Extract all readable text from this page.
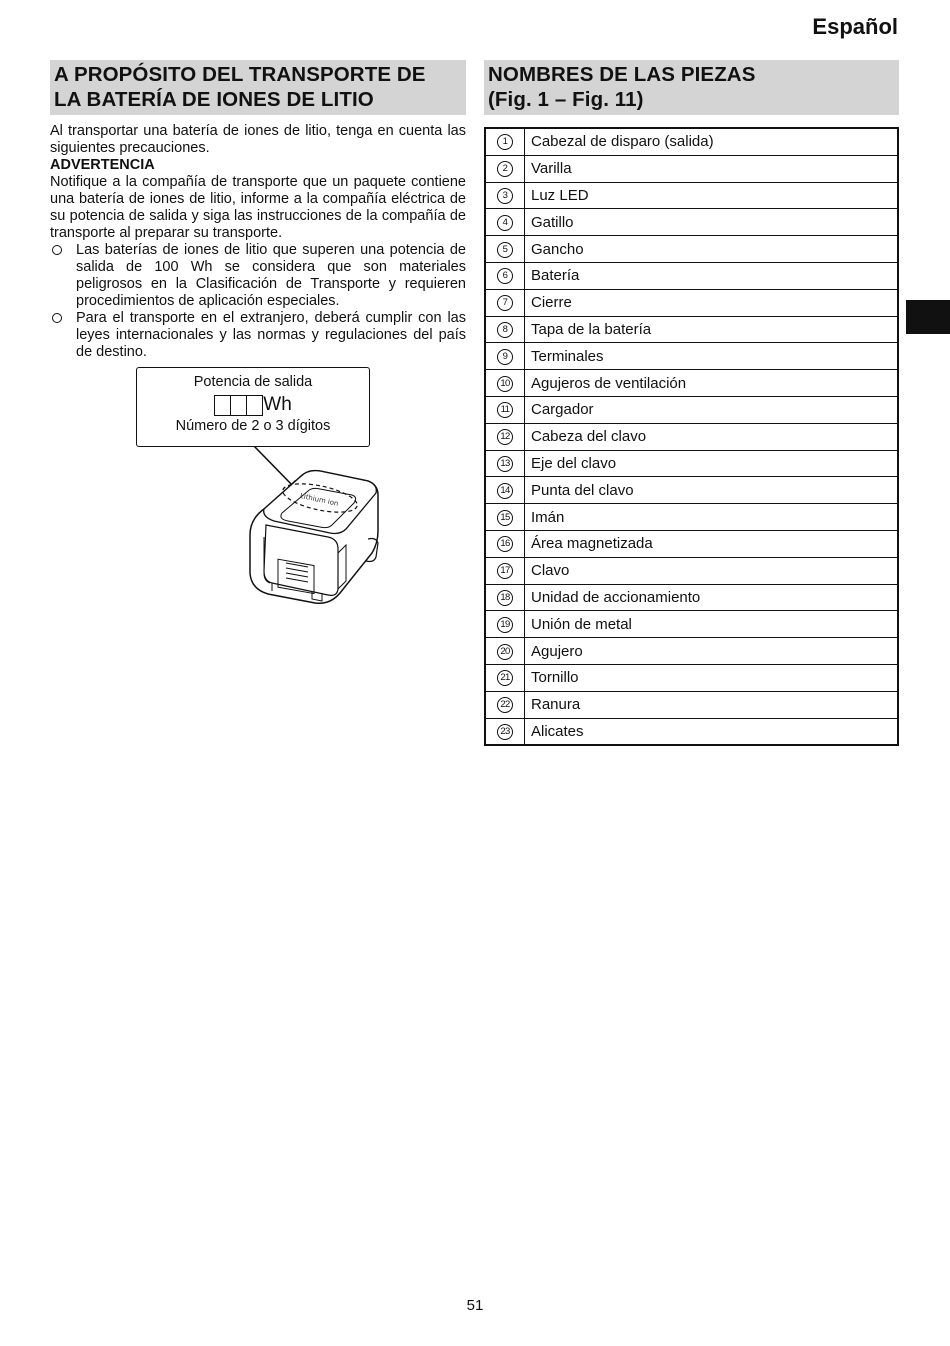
Español
A PROPÓSITO DEL TRANSPORTE DE
LA BATERÍA DE IONES DE LITIO

Al transportar una batería de iones de litio, tenga en cuenta las siguientes precauciones.

ADVERTENCIA

Notifique a la compañía de transporte que un paquete contiene una batería de iones de litio, informe a la compañía eléctrica de su potencia de salida y siga las instrucciones de la compañía de transporte al preparar su transporte.

Las baterías de iones de litio que superen una potencia de salida de 100 Wh se considera que son materiales peligrosos en la Clasificación de Transporte y requieren procedimientos de aplicación especiales.
Para el transporte en el extranjero, deberá cumplir con las leyes internacionales y las normas y regulaciones del país de destino.
Lithium ion
Potencia de salida
Wh
Número de 2 o 3 dígitos
NOMBRES DE LAS PIEZAS
(Fig. 1 – Fig. 11)
1	Cabezal de disparo (salida)
2	Varilla
3	Luz LED
4	Gatillo
5	Gancho
6	Batería
7	Cierre
8	Tapa de la batería
9	Terminales
10	Agujeros de ventilación
11	Cargador
12	Cabeza del clavo
13	Eje del clavo
14	Punta del clavo
15	Imán
16	Área magnetizada
17	Clavo
18	Unidad de accionamiento
19	Unión de metal
20	Agujero
21	Tornillo
22	Ranura
23	Alicates
51
